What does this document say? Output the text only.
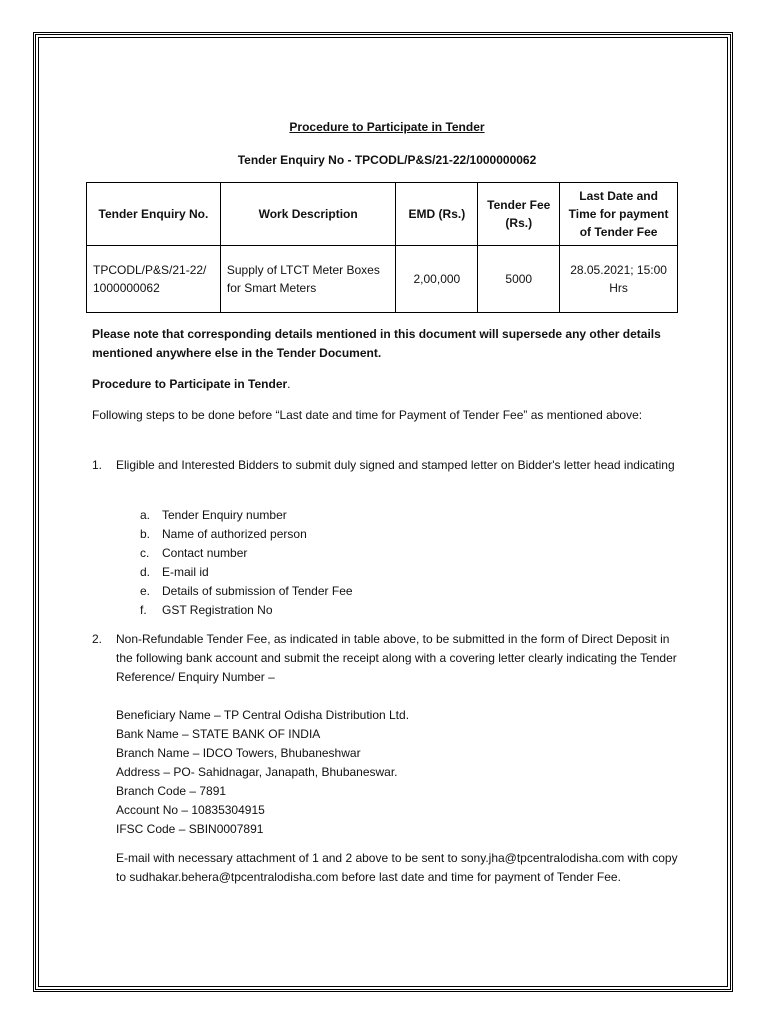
Procedure to Participate in Tender

Tender Enquiry No - TPCODL/P&S/21-22/1000000062

Tender Enquiry No.	Work Description	EMD (Rs.)	Tender Fee (Rs.)	Last Date and Time for payment of Tender Fee
TPCODL/P&S/21-22/ 1000000062	Supply of LTCT Meter Boxes for Smart Meters	2,00,000	5000	28.05.2021; 15:00 Hrs
Please note that corresponding details mentioned in this document will supersede any other details mentioned anywhere else in the Tender Document.
Procedure to Participate in Tender.
Following steps to be done before “Last date and time for Payment of Tender Fee” as mentioned above:
1. Eligible and Interested Bidders to submit duly signed and stamped letter on Bidder's letter head indicating
a. Tender Enquiry number
b. Name of authorized person
c. Contact number
d. E-mail id
e. Details of submission of Tender Fee
f. GST Registration No
2. Non-Refundable Tender Fee, as indicated in table above, to be submitted in the form of Direct Deposit in the following bank account and submit the receipt along with a covering letter clearly indicating the Tender Reference/ Enquiry Number –
Beneficiary Name – TP Central Odisha Distribution Ltd.
Bank Name – STATE BANK OF INDIA
Branch Name – IDCO Towers, Bhubaneshwar
Address – PO- Sahidnagar, Janapath, Bhubaneswar.
Branch Code – 7891
Account No – 10835304915
IFSC Code – SBIN0007891
E-mail with necessary attachment of 1 and 2 above to be sent to sony.jha@tpcentralodisha.com with copy to sudhakar.behera@tpcentralodisha.com before last date and time for payment of Tender Fee.
